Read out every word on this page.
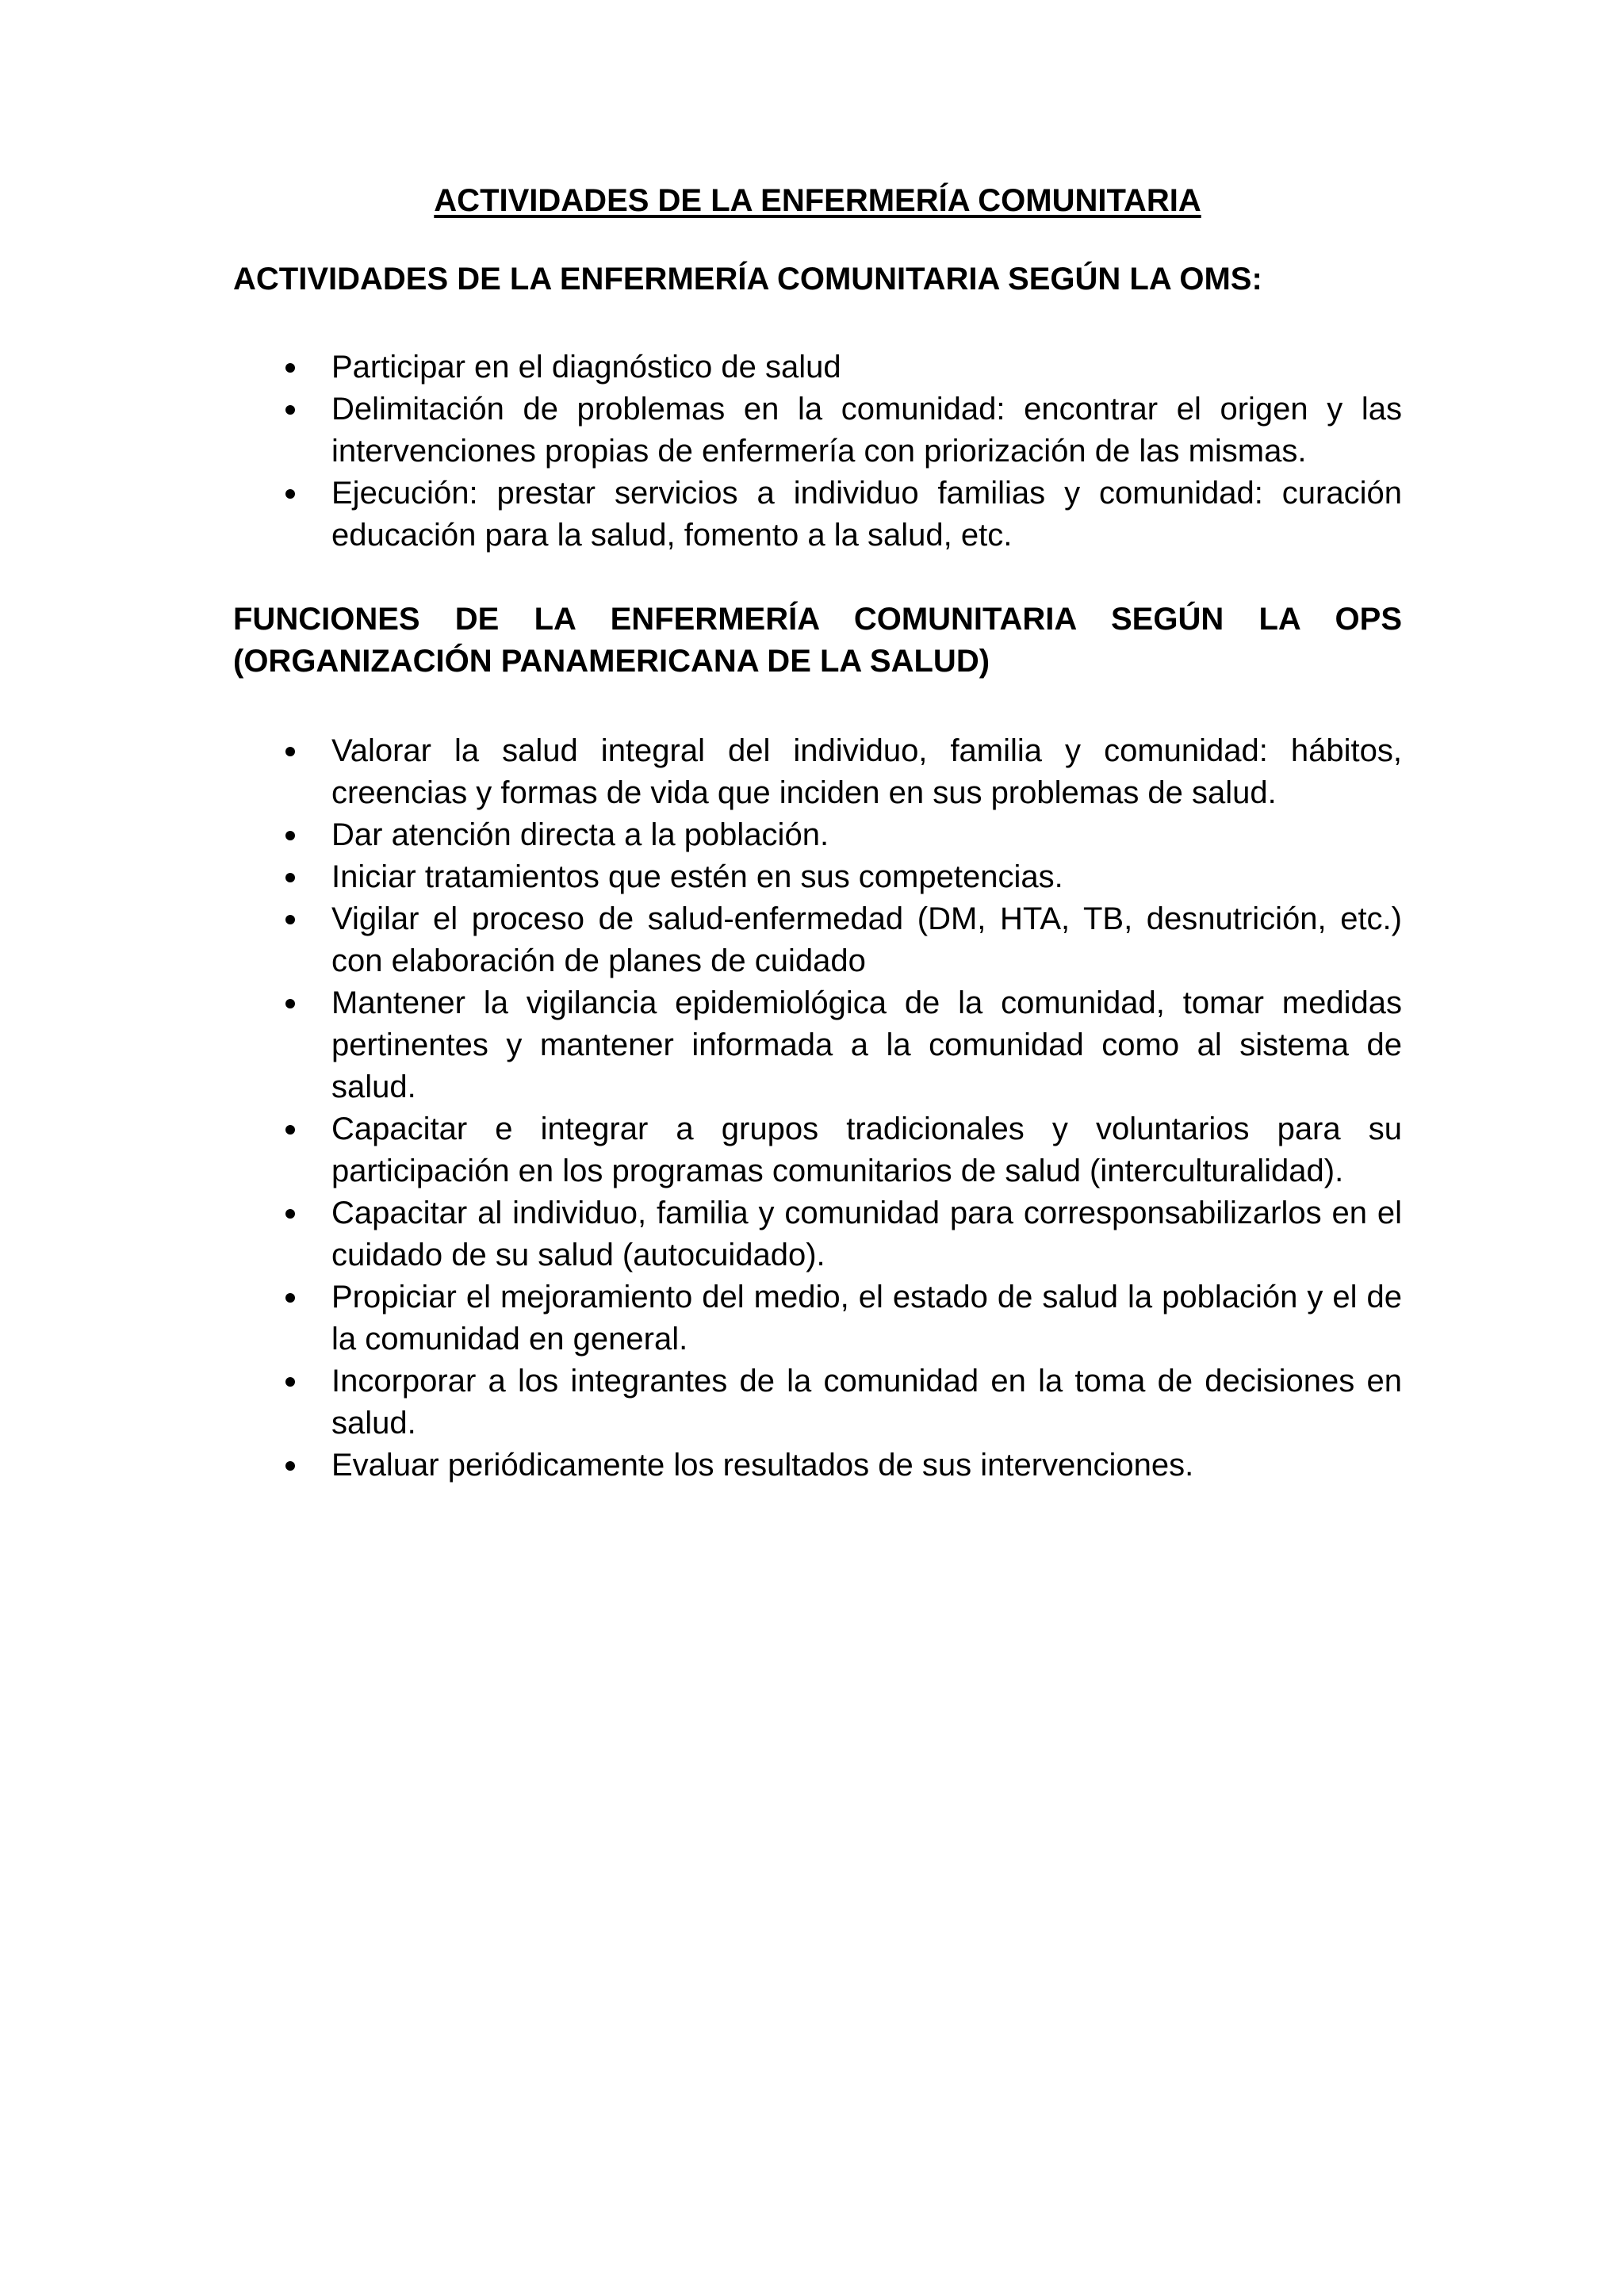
ACTIVIDADES DE LA ENFERMERÍA COMUNITARIA
ACTIVIDADES DE LA ENFERMERÍA COMUNITARIA SEGÚN LA OMS:
Participar en el diagnóstico de salud
Delimitación de problemas en la comunidad: encontrar el origen y las intervenciones propias de enfermería con priorización de las mismas.
Ejecución: prestar servicios a individuo familias y comunidad: curación educación para la salud, fomento a la salud, etc.
FUNCIONES DE LA ENFERMERÍA COMUNITARIA SEGÚN LA OPS (ORGANIZACIÓN PANAMERICANA DE LA SALUD)
Valorar la salud integral del individuo, familia y comunidad: hábitos, creencias y formas de vida que inciden en sus problemas de salud.
Dar atención directa a la población.
Iniciar tratamientos que estén en sus competencias.
Vigilar el proceso de salud-enfermedad (DM, HTA, TB, desnutrición, etc.) con elaboración de planes de cuidado
Mantener la vigilancia epidemiológica de la comunidad, tomar medidas pertinentes y mantener informada a la comunidad como al sistema de salud.
Capacitar e integrar a grupos tradicionales y voluntarios para su participación en los programas comunitarios de salud (interculturalidad).
Capacitar al individuo, familia y comunidad para corresponsabilizarlos en el cuidado de su salud (autocuidado).
Propiciar el mejoramiento del medio, el estado de salud la población y el de la comunidad en general.
Incorporar a los integrantes de la comunidad en la toma de decisiones en salud.
Evaluar periódicamente los resultados de sus intervenciones.
